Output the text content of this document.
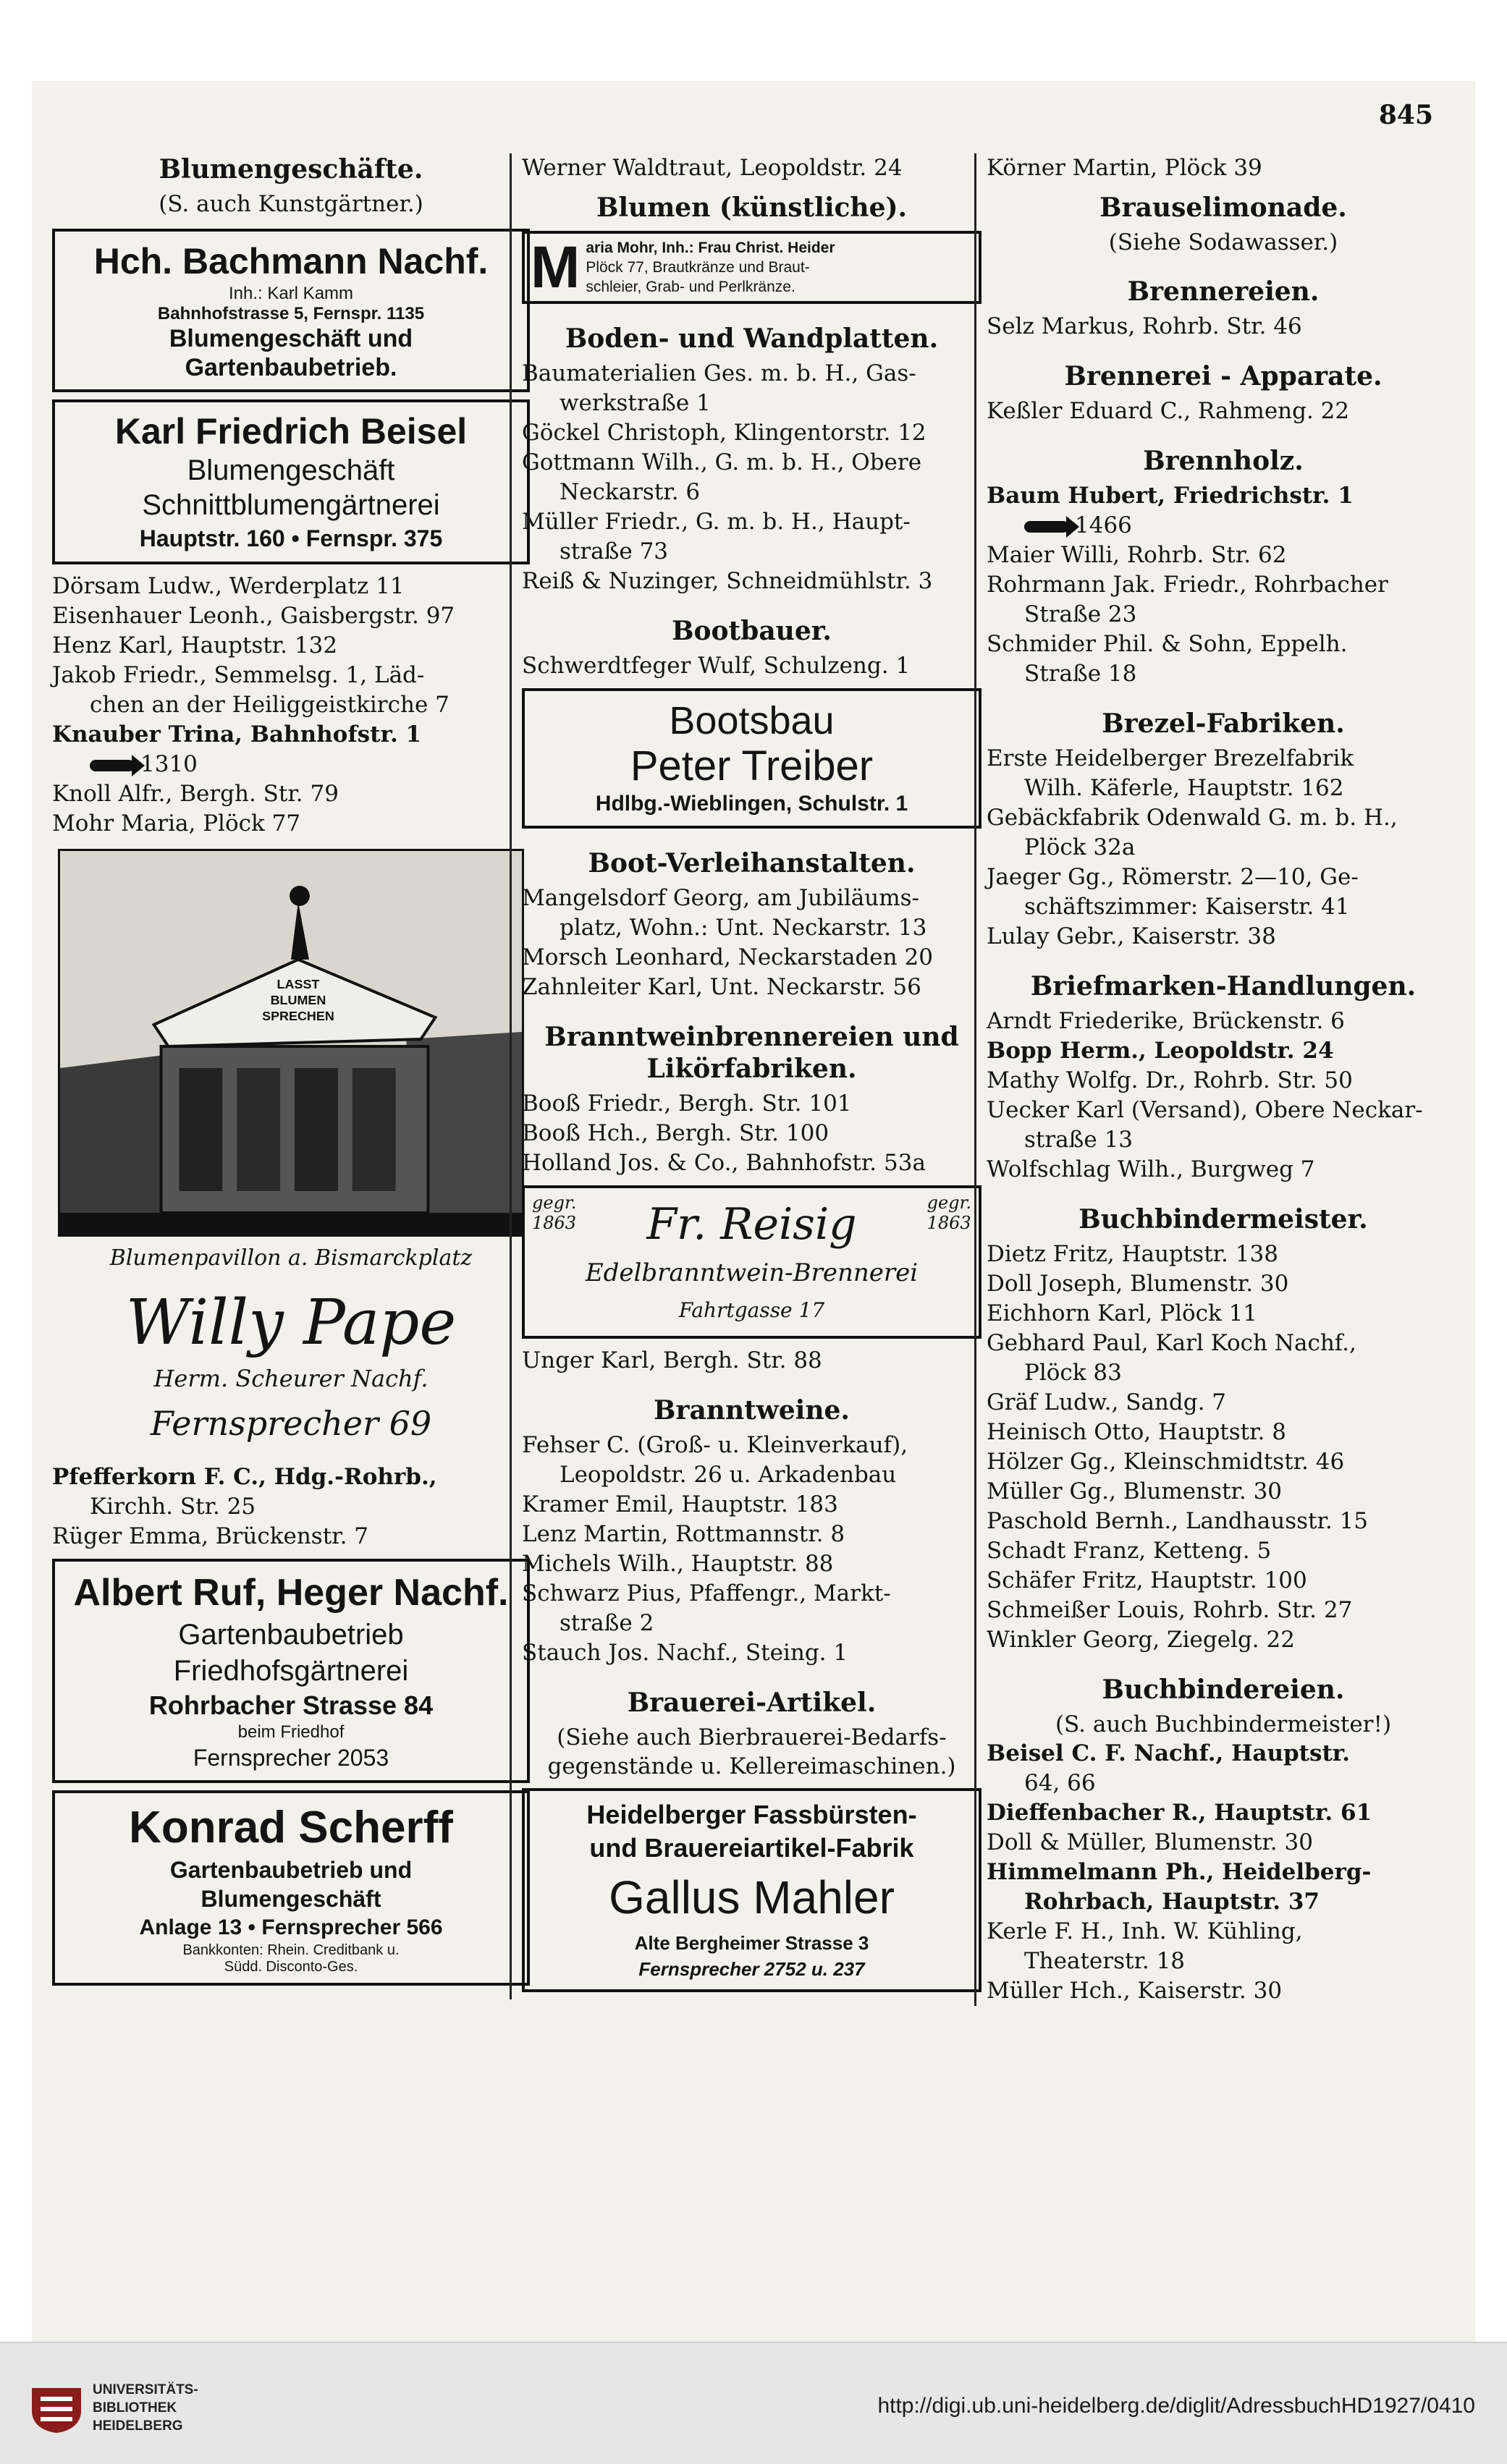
845
Blumengeschäfte.
(S. auch Kunstgärtner.)
Hch. Bachmann Nachf.
Inh.: Karl Kamm
Bahnhofstrasse 5, Fernspr. 1135
Blumengeschäft und
Gartenbaubetrieb.
Karl Friedrich Beisel
Blumengeschäft
Schnittblumengärtnerei
Hauptstr. 160 • Fernspr. 375
Dörsam Ludw., Werderplatz 11
Eisenhauer Leonh., Gaisbergstr. 97
Henz Karl, Hauptstr. 132
Jakob Friedr., Semmelsg. 1, Läd-
chen an der Heiliggeistkirche 7
Knauber Trina, Bahnhofstr. 1
1310
Knoll Alfr., Bergh. Str. 79
Mohr Maria, Plöck 77
LASST
BLUMEN
SPRECHEN
Blumenpavillon a. Bismarckplatz
Willy Pape
Herm. Scheurer Nachf.
Fernsprecher 69
Pfefferkorn F. C., Hdg.-Rohrb.,
Kirchh. Str. 25
Rüger Emma, Brückenstr. 7
Albert Ruf, Heger Nachf.
Gartenbaubetrieb
Friedhofsgärtnerei
Rohrbacher Strasse 84
beim Friedhof
Fernsprecher 2053
Konrad Scherff
Gartenbaubetrieb und
Blumengeschäft
Anlage 13 • Fernsprecher 566
Bankkonten: Rhein. Creditbank u.
Südd. Disconto-Ges.
Werner Waldtraut, Leopoldstr. 24
Blumen (künstliche).
M aria Mohr, Inh.: Frau Christ. Heider
Plöck 77, Brautkränze und Braut-
schleier, Grab- und Perlkränze.
Boden- und Wandplatten.
Baumaterialien Ges. m. b. H., Gas-
werkstraße 1
Göckel Christoph, Klingentorstr. 12
Gottmann Wilh., G. m. b. H., Obere
Neckarstr. 6
Müller Friedr., G. m. b. H., Haupt-
straße 73
Reiß & Nuzinger, Schneidmühlstr. 3
Bootbauer.
Schwerdtfeger Wulf, Schulzeng. 1
Bootsbau
Peter Treiber
Hdlbg.-Wieblingen, Schulstr. 1
Boot-Verleihanstalten.
Mangelsdorf Georg, am Jubiläums-
platz, Wohn.: Unt. Neckarstr. 13
Morsch Leonhard, Neckarstaden 20
Zahnleiter Karl, Unt. Neckarstr. 56
Branntweinbrennereien und
Likörfabriken.
Booß Friedr., Bergh. Str. 101
Booß Hch., Bergh. Str. 100
Holland Jos. & Co., Bahnhofstr. 53a
gegr.
1863
gegr.
1863
Fr. Reisig
Edelbranntwein-Brennerei
Fahrtgasse 17
Unger Karl, Bergh. Str. 88
Branntweine.
Fehser C. (Groß- u. Kleinverkauf),
Leopoldstr. 26 u. Arkadenbau
Kramer Emil, Hauptstr. 183
Lenz Martin, Rottmannstr. 8
Michels Wilh., Hauptstr. 88
Schwarz Pius, Pfaffengr., Markt-
straße 2
Stauch Jos. Nachf., Steing. 1
Brauerei-Artikel.
(Siehe auch Bierbrauerei-Bedarfs-
gegenstände u. Kellereimaschinen.)
Heidelberger Fassbürsten-
und Brauereiartikel-Fabrik
Gallus Mahler
Alte Bergheimer Strasse 3
Fernsprecher 2752 u. 237
Körner Martin, Plöck 39
Brauselimonade.
(Siehe Sodawasser.)
Brennereien.
Selz Markus, Rohrb. Str. 46
Brennerei - Apparate.
Keßler Eduard C., Rahmeng. 22
Brennholz.
Baum Hubert, Friedrichstr. 1
1466
Maier Willi, Rohrb. Str. 62
Rohrmann Jak. Friedr., Rohrbacher
Straße 23
Schmider Phil. & Sohn, Eppelh.
Straße 18
Brezel-Fabriken.
Erste Heidelberger Brezelfabrik
Wilh. Käferle, Hauptstr. 162
Gebäckfabrik Odenwald G. m. b. H.,
Plöck 32a
Jaeger Gg., Römerstr. 2—10, Ge-
schäftszimmer: Kaiserstr. 41
Lulay Gebr., Kaiserstr. 38
Briefmarken-Handlungen.
Arndt Friederike, Brückenstr. 6
Bopp Herm., Leopoldstr. 24
Mathy Wolfg. Dr., Rohrb. Str. 50
Uecker Karl (Versand), Obere Neckar-
straße 13
Wolfschlag Wilh., Burgweg 7
Buchbindermeister.
Dietz Fritz, Hauptstr. 138
Doll Joseph, Blumenstr. 30
Eichhorn Karl, Plöck 11
Gebhard Paul, Karl Koch Nachf.,
Plöck 83
Gräf Ludw., Sandg. 7
Heinisch Otto, Hauptstr. 8
Hölzer Gg., Kleinschmidtstr. 46
Müller Gg., Blumenstr. 30
Paschold Bernh., Landhausstr. 15
Schadt Franz, Ketteng. 5
Schäfer Fritz, Hauptstr. 100
Schmeißer Louis, Rohrb. Str. 27
Winkler Georg, Ziegelg. 22
Buchbindereien.
(S. auch Buchbindermeister!)
Beisel C. F. Nachf., Hauptstr.
64, 66
Dieffenbacher R., Hauptstr. 61
Doll & Müller, Blumenstr. 30
Himmelmann Ph., Heidelberg-
Rohrbach, Hauptstr. 37
Kerle F. H., Inh. W. Kühling,
Theaterstr. 18
Müller Hch., Kaiserstr. 30
UNIVERSITÄTS-
BIBLIOTHEK
HEIDELBERG
http://digi.ub.uni-heidelberg.de/diglit/AdressbuchHD1927/0410
